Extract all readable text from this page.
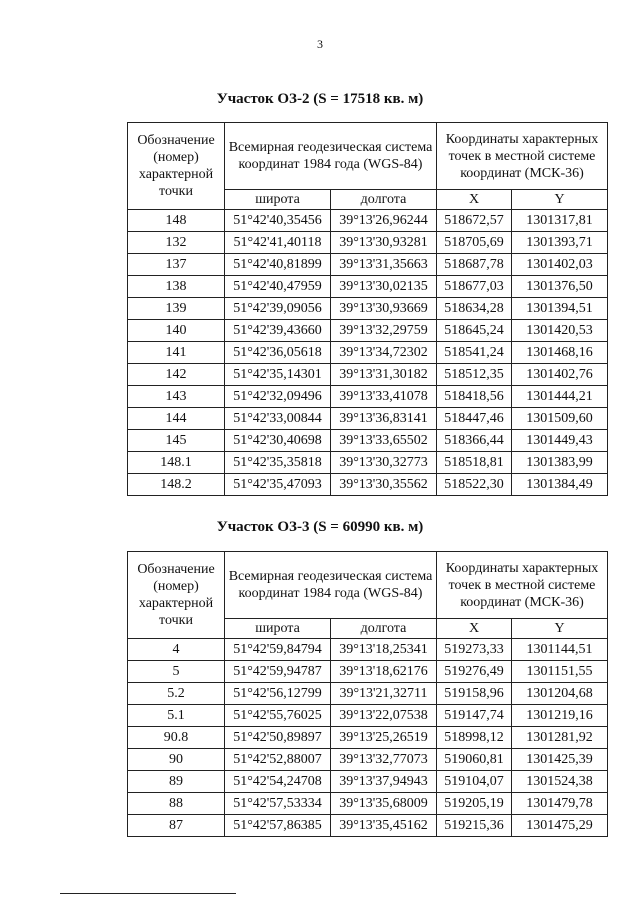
3
Участок ОЗ-2 (S = 17518 кв. м)
Обозначение (номер) характерной точки	Всемирная геодезическая система координат 1984 года (WGS-84)		Координаты характерных точек в местной системе координат (МСК-36)	
	широта	долгота	X	Y
148	51°42'40,35456	39°13'26,96244	518672,57	1301317,81
132	51°42'41,40118	39°13'30,93281	518705,69	1301393,71
137	51°42'40,81899	39°13'31,35663	518687,78	1301402,03
138	51°42'40,47959	39°13'30,02135	518677,03	1301376,50
139	51°42'39,09056	39°13'30,93669	518634,28	1301394,51
140	51°42'39,43660	39°13'32,29759	518645,24	1301420,53
141	51°42'36,05618	39°13'34,72302	518541,24	1301468,16
142	51°42'35,14301	39°13'31,30182	518512,35	1301402,76
143	51°42'32,09496	39°13'33,41078	518418,56	1301444,21
144	51°42'33,00844	39°13'36,83141	518447,46	1301509,60
145	51°42'30,40698	39°13'33,65502	518366,44	1301449,43
148.1	51°42'35,35818	39°13'30,32773	518518,81	1301383,99
148.2	51°42'35,47093	39°13'30,35562	518522,30	1301384,49
Участок ОЗ-3 (S = 60990 кв. м)
Обозначение (номер) характерной точки	Всемирная геодезическая система координат 1984 года (WGS-84)		Координаты характерных точек в местной системе координат (МСК-36)	
	широта	долгота	X	Y
4	51°42'59,84794	39°13'18,25341	519273,33	1301144,51
5	51°42'59,94787	39°13'18,62176	519276,49	1301151,55
5.2	51°42'56,12799	39°13'21,32711	519158,96	1301204,68
5.1	51°42'55,76025	39°13'22,07538	519147,74	1301219,16
90.8	51°42'50,89897	39°13'25,26519	518998,12	1301281,92
90	51°42'52,88007	39°13'32,77073	519060,81	1301425,39
89	51°42'54,24708	39°13'37,94943	519104,07	1301524,38
88	51°42'57,53334	39°13'35,68009	519205,19	1301479,78
87	51°42'57,86385	39°13'35,45162	519215,36	1301475,29
